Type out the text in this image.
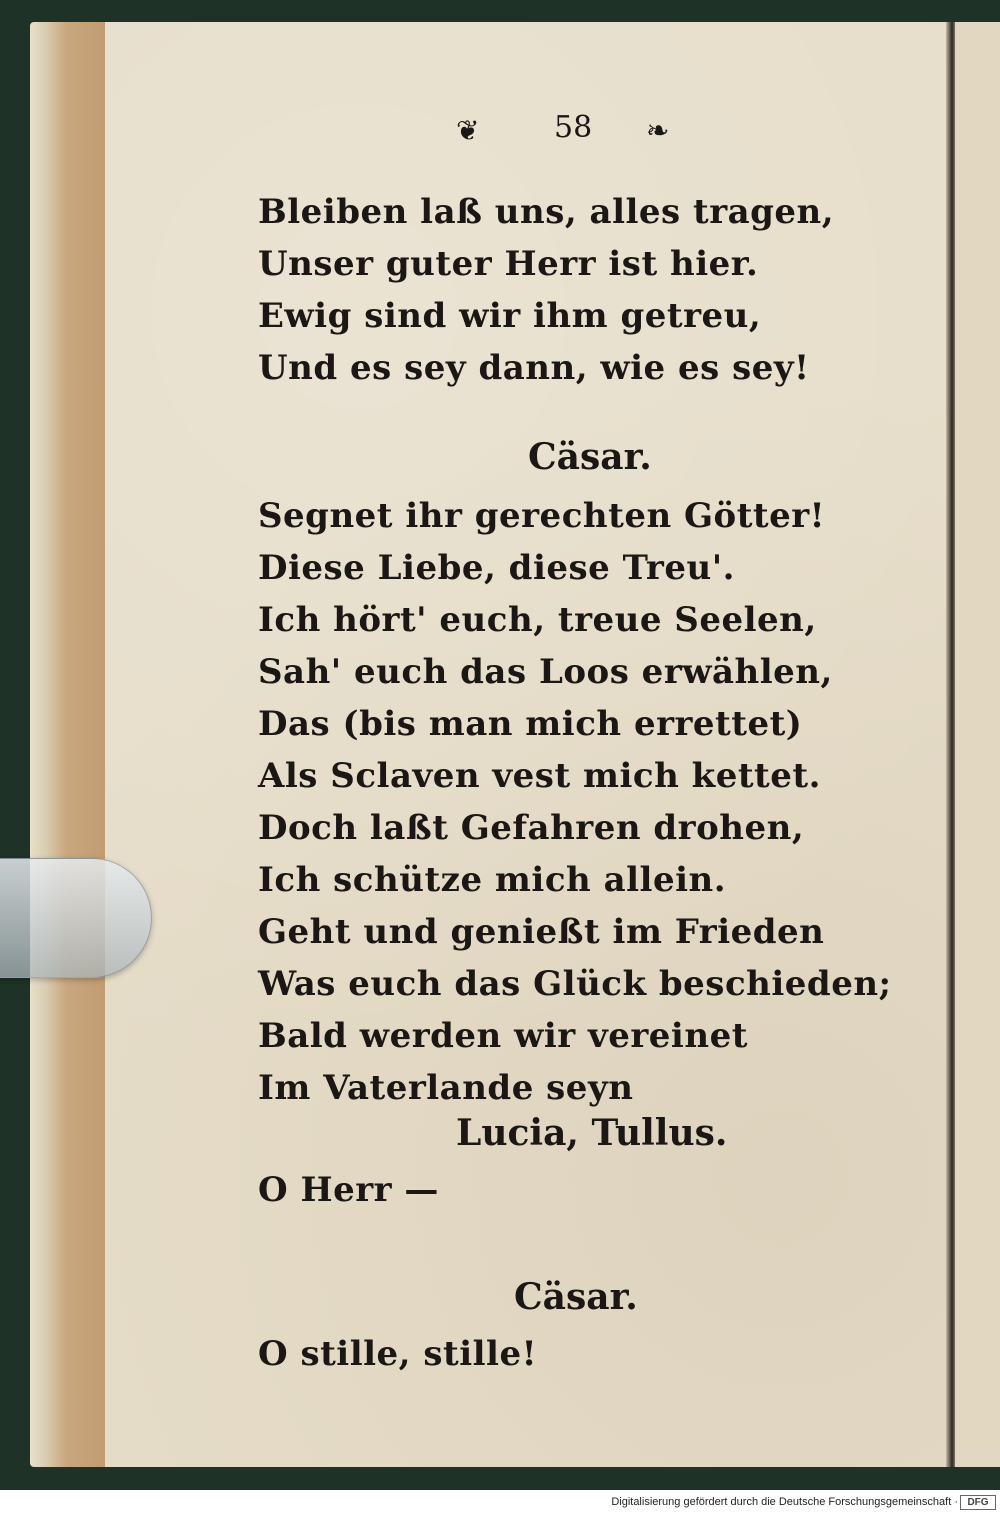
❦ 58 ❧
Bleiben laß uns, alles tragen,
Unser guter Herr ist hier.
Ewig sind wir ihm getreu,
Und es sey dann, wie es sey!
Cäsar.
Segnet ihr gerechten Götter!
Diese Liebe, diese Treu'.
Ich hört' euch, treue Seelen,
Sah' euch das Loos erwählen,
Das (bis man mich errettet)
Als Sclaven vest mich kettet.
Doch laßt Gefahren drohen,
Ich schütze mich allein.
Geht und genießt im Frieden
Was euch das Glück beschieden;
Bald werden wir vereinet
Im Vaterlande seyn
Lucia, Tullus.
O Herr —
Cäsar.
O stille, stille!
Digitalisierung gefördert durch die Deutsche Forschungsgemeinschaft · DFG
